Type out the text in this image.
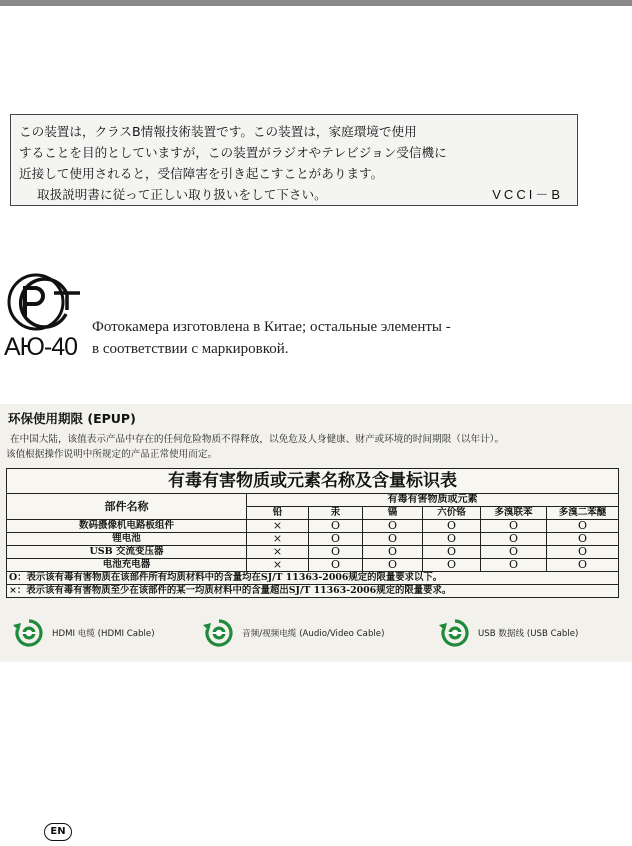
この装置は，クラスB情報技術装置です。この装置は，家庭環境で使用
することを目的としていますが，この装置がラジオやテレビジョン受信機に
近接して使用されると，受信障害を引き起こすことがあります。
取扱説明書に従って正しい取り扱いをして下さい。	VCCI－B
АЮ-40
Фотокамера изготовлена в Китае; остальные элементы -
в соответствии с маркировкой.
环保使用期限 (EPUP)
在中国大陆，该值表示产品中存在的任何危险物质不得释放，以免危及人身健康、财产或环境的时间期限（以年计）。
该值根据操作说明中所规定的产品正常使用而定。
有毒有害物质或元素名称及含量标识表						
部件名称	有毒有害物质或元素					
	铅	汞	镉	六价铬	多溴联苯	多溴二苯醚
数码摄像机电路板组件	×	O	O	O	O	O
锂电池	×	O	O	O	O	O
USB 交流变压器	×	O	O	O	O	O
电池充电器	×	O	O	O	O	O
O：表示该有毒有害物质在该部件所有均质材料中的含量均在SJ/T 11363-2006规定的限量要求以下。						
×：表示该有毒有害物质至少在该部件的某一均质材料中的含量超出SJ/T 11363-2006规定的限量要求。						
HDMI 电缆 (HDMI Cable)	音频/视频电缆 (Audio/Video Cable)	USB 数据线 (USB Cable)
EN
